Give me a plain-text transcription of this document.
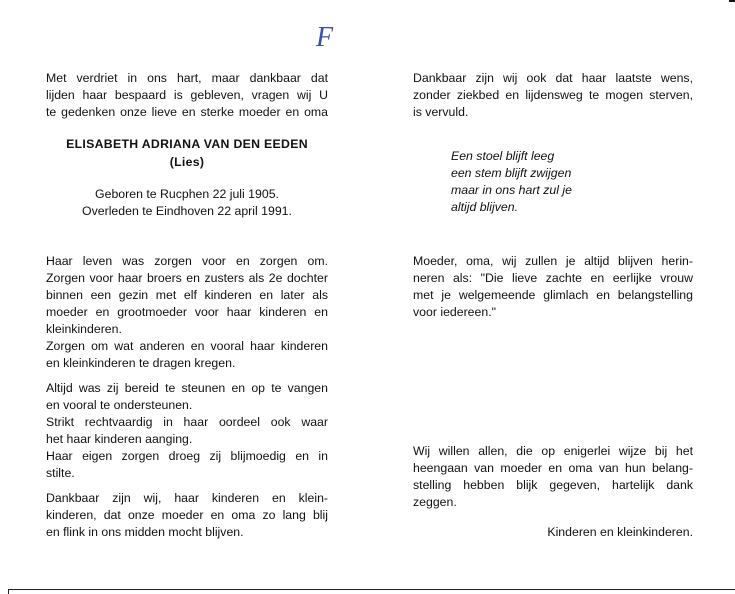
F

Met verdriet in ons hart, maar dankbaar dat
lijden haar bespaard is gebleven, vragen wij U
te gedenken onze lieve en sterke moeder en oma

ELISABETH ADRIANA VAN DEN EEDEN
(Lies)
Geboren te Rucphen 22 juli 1905.
Overleden te Eindhoven 22 april 1991.

Haar leven was zorgen voor en zorgen om.
Zorgen voor haar broers en zusters als 2e dochter
binnen een gezin met elf kinderen en later als
moeder en grootmoeder voor haar kinderen en
kleinkinderen.
Zorgen om wat anderen en vooral haar kinderen
en kleinkinderen te dragen kregen.

Altijd was zij bereid te steunen en op te vangen
en vooral te ondersteunen.
Strikt rechtvaardig in haar oordeel ook waar
het haar kinderen aanging.
Haar eigen zorgen droeg zij blijmoedig en in
stilte.

Dankbaar zijn wij, haar kinderen en klein-
kinderen, dat onze moeder en oma zo lang blij
en flink in ons midden mocht blijven.

Dankbaar zijn wij ook dat haar laatste wens,
zonder ziekbed en lijdensweg te mogen sterven,
is vervuld.

Een stoel blijft leeg
een stem blijft zwijgen
maar in ons hart zul je
altijd blijven.

Moeder, oma, wij zullen je altijd blijven herin-
neren als: "Die lieve zachte en eerlijke vrouw
met je welgemeende glimlach en belangstelling
voor iedereen."

Wij willen allen, die op enigerlei wijze bij het
heengaan van moeder en oma van hun belang-
stelling hebben blijk gegeven, hartelijk dank
zeggen.

Kinderen en kleinkinderen.
